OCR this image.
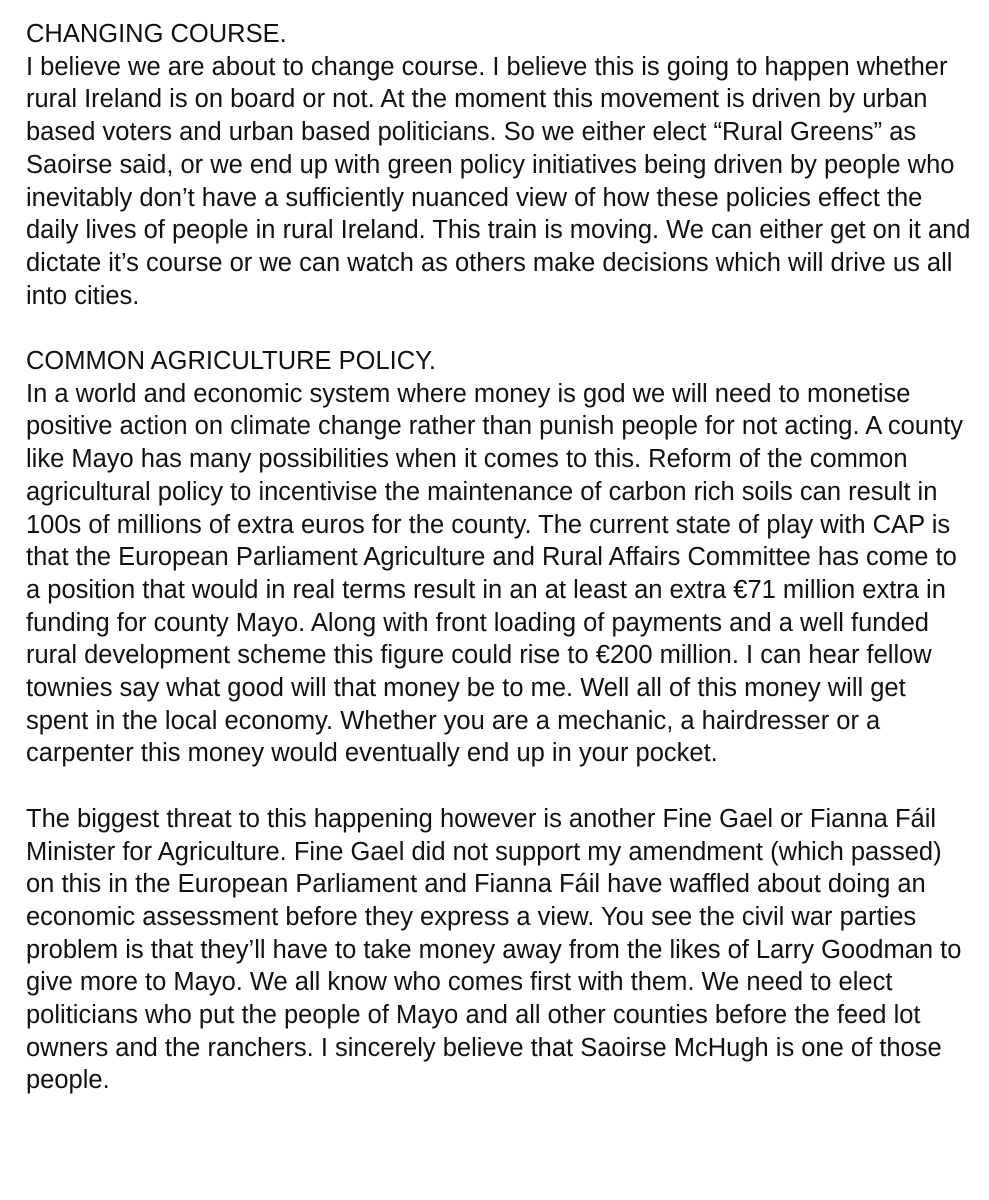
CHANGING COURSE.
I believe we are about to change course. I believe this is going to happen whether rural Ireland is on board or not. At the moment this movement is driven by urban based voters and urban based politicians. So we either elect “Rural Greens” as Saoirse said, or we end up with green policy initiatives being driven by people who inevitably don’t have a sufficiently nuanced view of how these policies effect the daily lives of people in rural Ireland. This train is moving. We can either get on it and dictate it’s course or we can watch as others make decisions which will drive us all into cities.
COMMON AGRICULTURE POLICY.
In a world and economic system where money is god we will need to monetise positive action on climate change rather than punish people for not acting. A county like Mayo has many possibilities when it comes to this. Reform of the common agricultural policy to incentivise the maintenance of carbon rich soils can result in 100s of millions of extra euros for the county. The current state of play with CAP is that the European Parliament Agriculture and Rural Affairs Committee has come to a position that would in real terms result in an at least an extra €71 million extra in funding for county Mayo. Along with front loading of payments and a well funded rural development scheme this figure could rise to €200 million. I can hear fellow townies say what good will that money be to me. Well all of this money will get spent in the local economy. Whether you are a mechanic, a hairdresser or a carpenter this money would eventually end up in your pocket.
The biggest threat to this happening however is another Fine Gael or Fianna Fáil Minister for Agriculture. Fine Gael did not support my amendment (which passed) on this in the European Parliament and Fianna Fáil have waffled about doing an economic assessment before they express a view. You see the civil war parties problem is that they’ll have to take money away from the likes of Larry Goodman to give more to Mayo. We all know who comes first with them. We need to elect politicians who put the people of Mayo and all other counties before the feed lot owners and the ranchers. I sincerely believe that Saoirse McHugh is one of those people.
